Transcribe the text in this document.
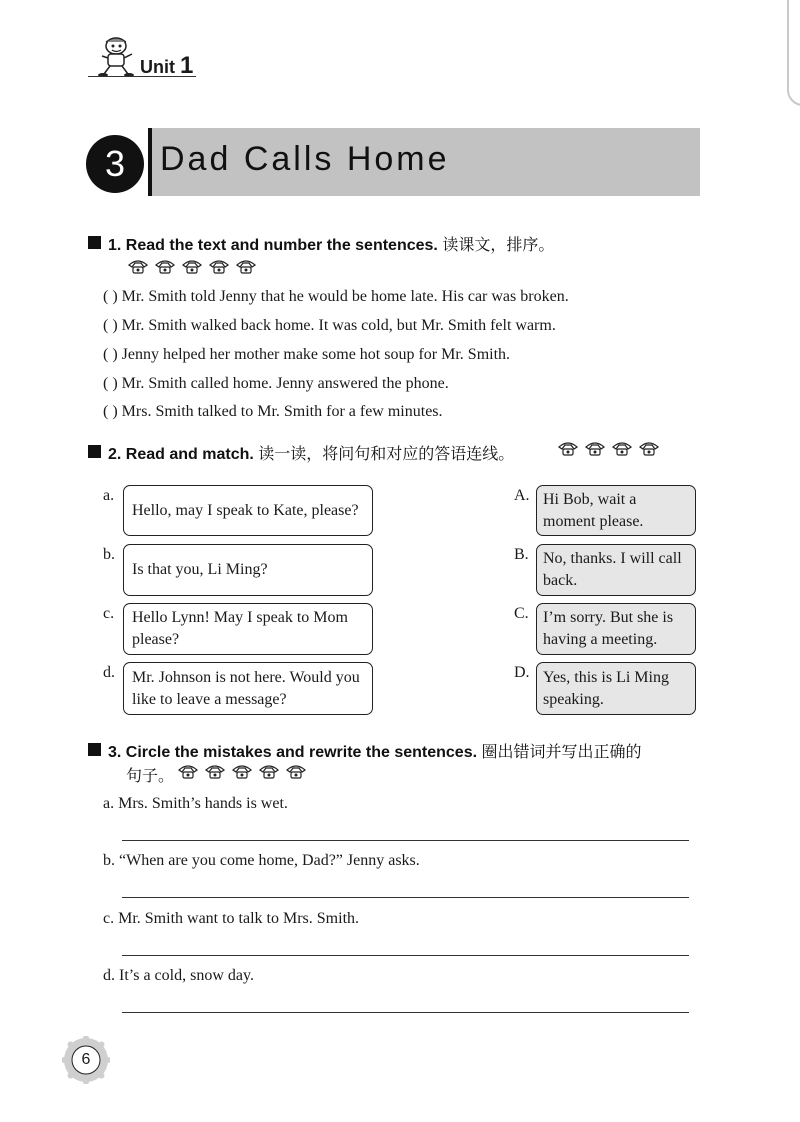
Unit 1
3	Dad Calls Home
1. Read the text and number the sentences. 读课文，排序。
( ) Mr. Smith told Jenny that he would be home late. His car was broken.
( ) Mr. Smith walked back home. It was cold, but Mr. Smith felt warm.
( ) Jenny helped her mother make some hot soup for Mr. Smith.
( ) Mr. Smith called home. Jenny answered the phone.
( ) Mrs. Smith talked to Mr. Smith for a few minutes.
2. Read and match. 读一读，将问句和对应的答语连线。
a.
Hello, may I speak to Kate, please?
b.
Is that you, Li Ming?
c. Hello Lynn! May I speak to Mom please?
d. Mr. Johnson is not here. Would you like to leave a message?
A. Hi Bob, wait a moment please.
B. No, thanks. I will call back.
C. I’m sorry. But she is having a meeting.
D. Yes, this is Li Ming speaking.
3. Circle the mistakes and rewrite the sentences. 圈出错词并写出正确的
句子。
a. Mrs. Smith’s hands is wet.
b. “When are you come home, Dad?” Jenny asks.
c. Mr. Smith want to talk to Mrs. Smith.
d. It’s a cold, snow day.
6
